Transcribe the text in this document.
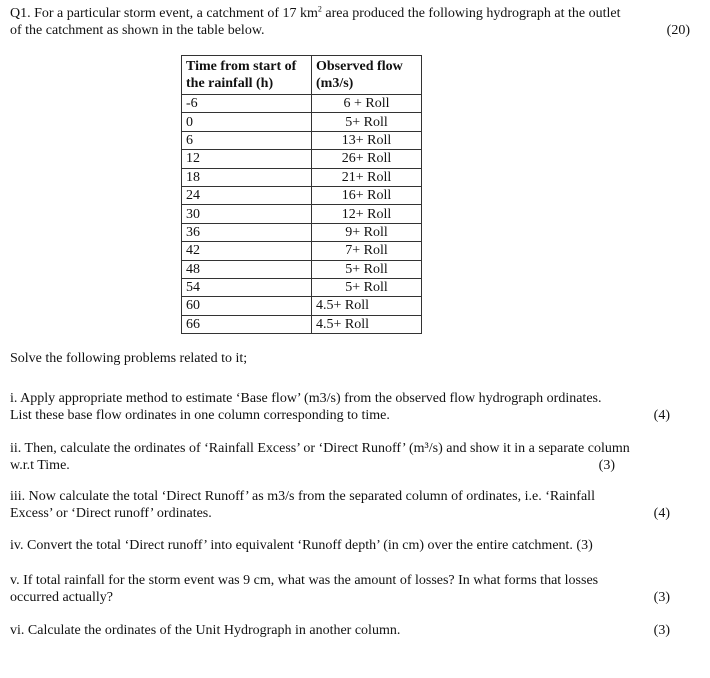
Q1. For a particular storm event, a catchment of 17 $km^2$ area produced the following hydrograph at the outlet
of the catchment as shown in the table below.	(20)
Time from start of the rainfall (h)	Observed flow (m3/s)
-6	6 + Roll
0	5+ Roll
6	13+ Roll
12	26+ Roll
18	21+ Roll
24	16+ Roll
30	12+ Roll
36	9+ Roll
42	7+ Roll
48	5+ Roll
54	5+ Roll
60	4.5+ Roll
66	4.5+ Roll
Solve the following problems related to it;
i. Apply appropriate method to estimate ‘Base flow’ (m3/s) from the observed flow hydrograph ordinates.
List these base flow ordinates in one column corresponding to time.	(4)
ii. Then, calculate the ordinates of ‘Rainfall Excess’ or ‘Direct Runoff’ (m³/s) and show it in a separate column
w.r.t Time.	(3)
iii. Now calculate the total ‘Direct Runoff’ as m3/s from the separated column of ordinates, i.e. ‘Rainfall
Excess’ or ‘Direct runoff’ ordinates.	(4)
iv. Convert the total ‘Direct runoff’ into equivalent ‘Runoff depth’ (in cm) over the entire catchment. (3)
v. If total rainfall for the storm event was 9 cm, what was the amount of losses? In what forms that losses
occurred actually?	(3)
vi. Calculate the ordinates of the Unit Hydrograph in another column.	(3)
